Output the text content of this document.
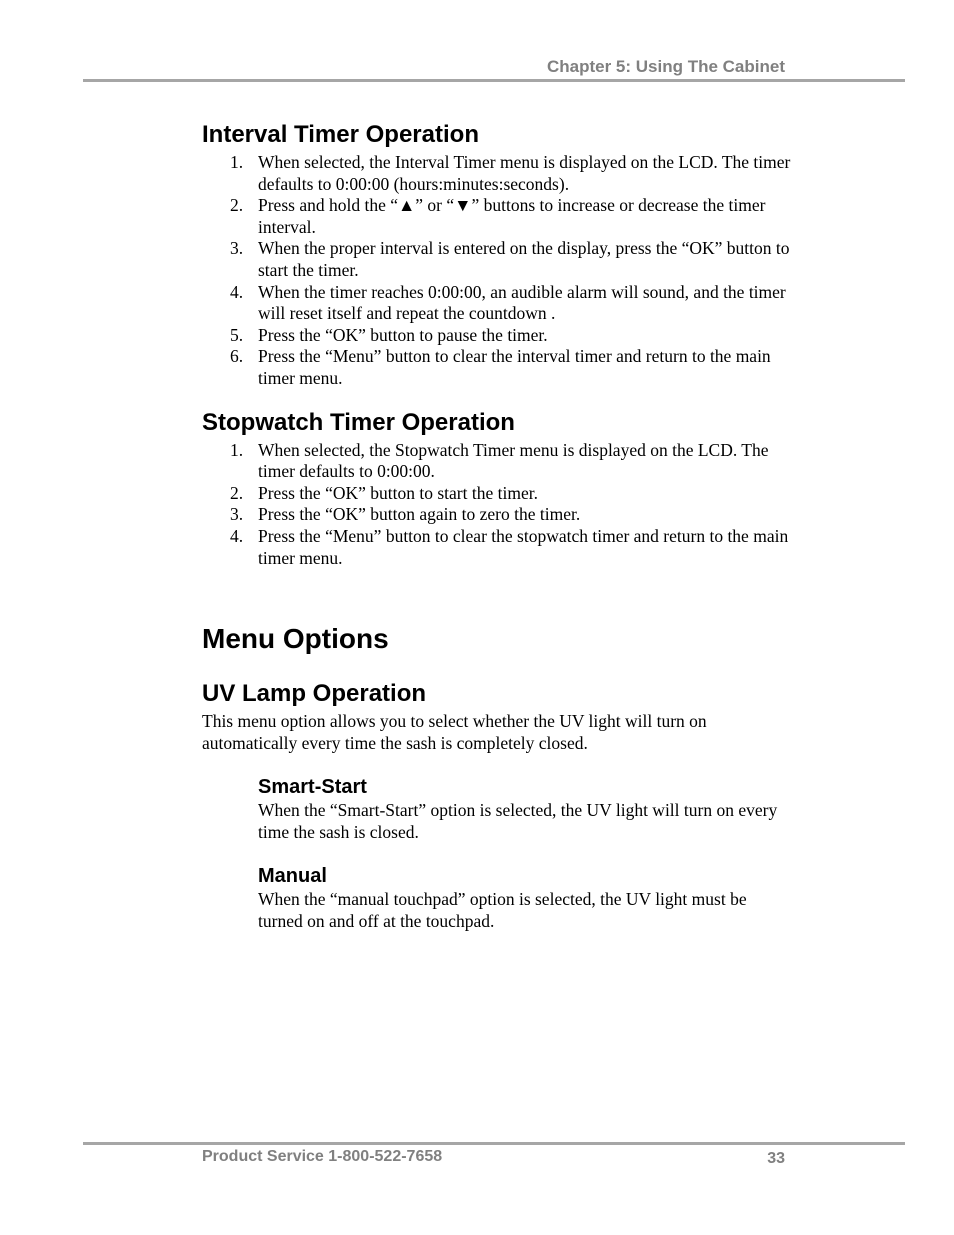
Chapter 5: Using The Cabinet
Interval Timer Operation
1. When selected, the Interval Timer menu is displayed on the LCD. The timer defaults to 0:00:00 (hours:minutes:seconds).
2. Press and hold the “▲” or “▼” buttons to increase or decrease the timer interval.
3. When the proper interval is entered on the display, press the “OK” button to start the timer.
4. When the timer reaches 0:00:00, an audible alarm will sound, and the timer will reset itself and repeat the countdown .
5. Press the “OK” button to pause the timer.
6. Press the “Menu” button to clear the interval timer and return to the main timer menu.
Stopwatch Timer Operation
1. When selected, the Stopwatch Timer menu is displayed on the LCD. The timer defaults to 0:00:00.
2. Press the “OK” button to start the timer.
3. Press the “OK” button again to zero the timer.
4. Press the “Menu” button to clear the stopwatch timer and return to the main timer menu.
Menu Options
UV Lamp Operation

This menu option allows you to select whether the UV light will turn on automatically every time the sash is completely closed.

Smart-Start

When the “Smart-Start” option is selected, the UV light will turn on every time the sash is closed.

Manual

When the “manual touchpad” option is selected, the UV light must be turned on and off at the touchpad.

Product Service 1-800-522-7658	33
